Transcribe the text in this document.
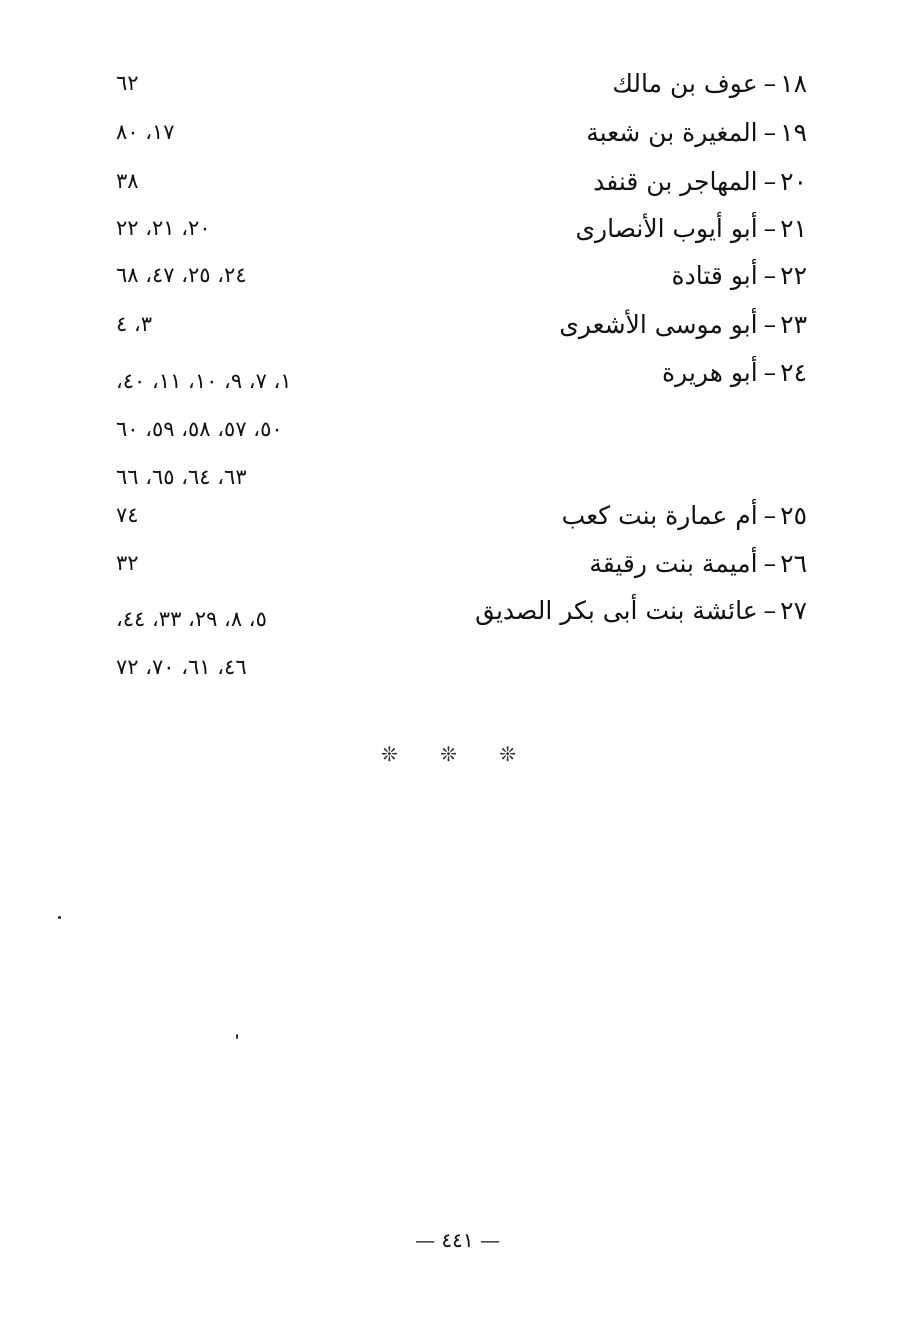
١٨–عوف بن مالك
٦٢
١٩–المغيرة بن شعبة
١٧، ٨٠
٢٠–المهاجر بن قنفد
٣٨
٢١–أبو أيوب الأنصارى
٢٠، ٢١، ٢٢
٢٢–أبو قتادة
٢٤، ٢٥، ٤٧، ٦٨
٢٣–أبو موسى الأشعرى
٣، ٤
٢٤–أبو هريرة
١، ٧، ٩، ١٠، ١١، ٤٠،
٥٠، ٥٧، ٥٨، ٥٩، ٦٠
٦٣، ٦٤، ٦٥، ٦٦
٢٥–أم عمارة بنت كعب
٧٤
٢٦–أميمة بنت رقيقة
٣٢
٢٧–عائشة بنت أبى بكر الصديق
٥، ٨، ٢٩، ٣٣، ٤٤،
٤٦، ٦١، ٧٠، ٧٢
❊ ❊ ❊
— ٤٤١ —
